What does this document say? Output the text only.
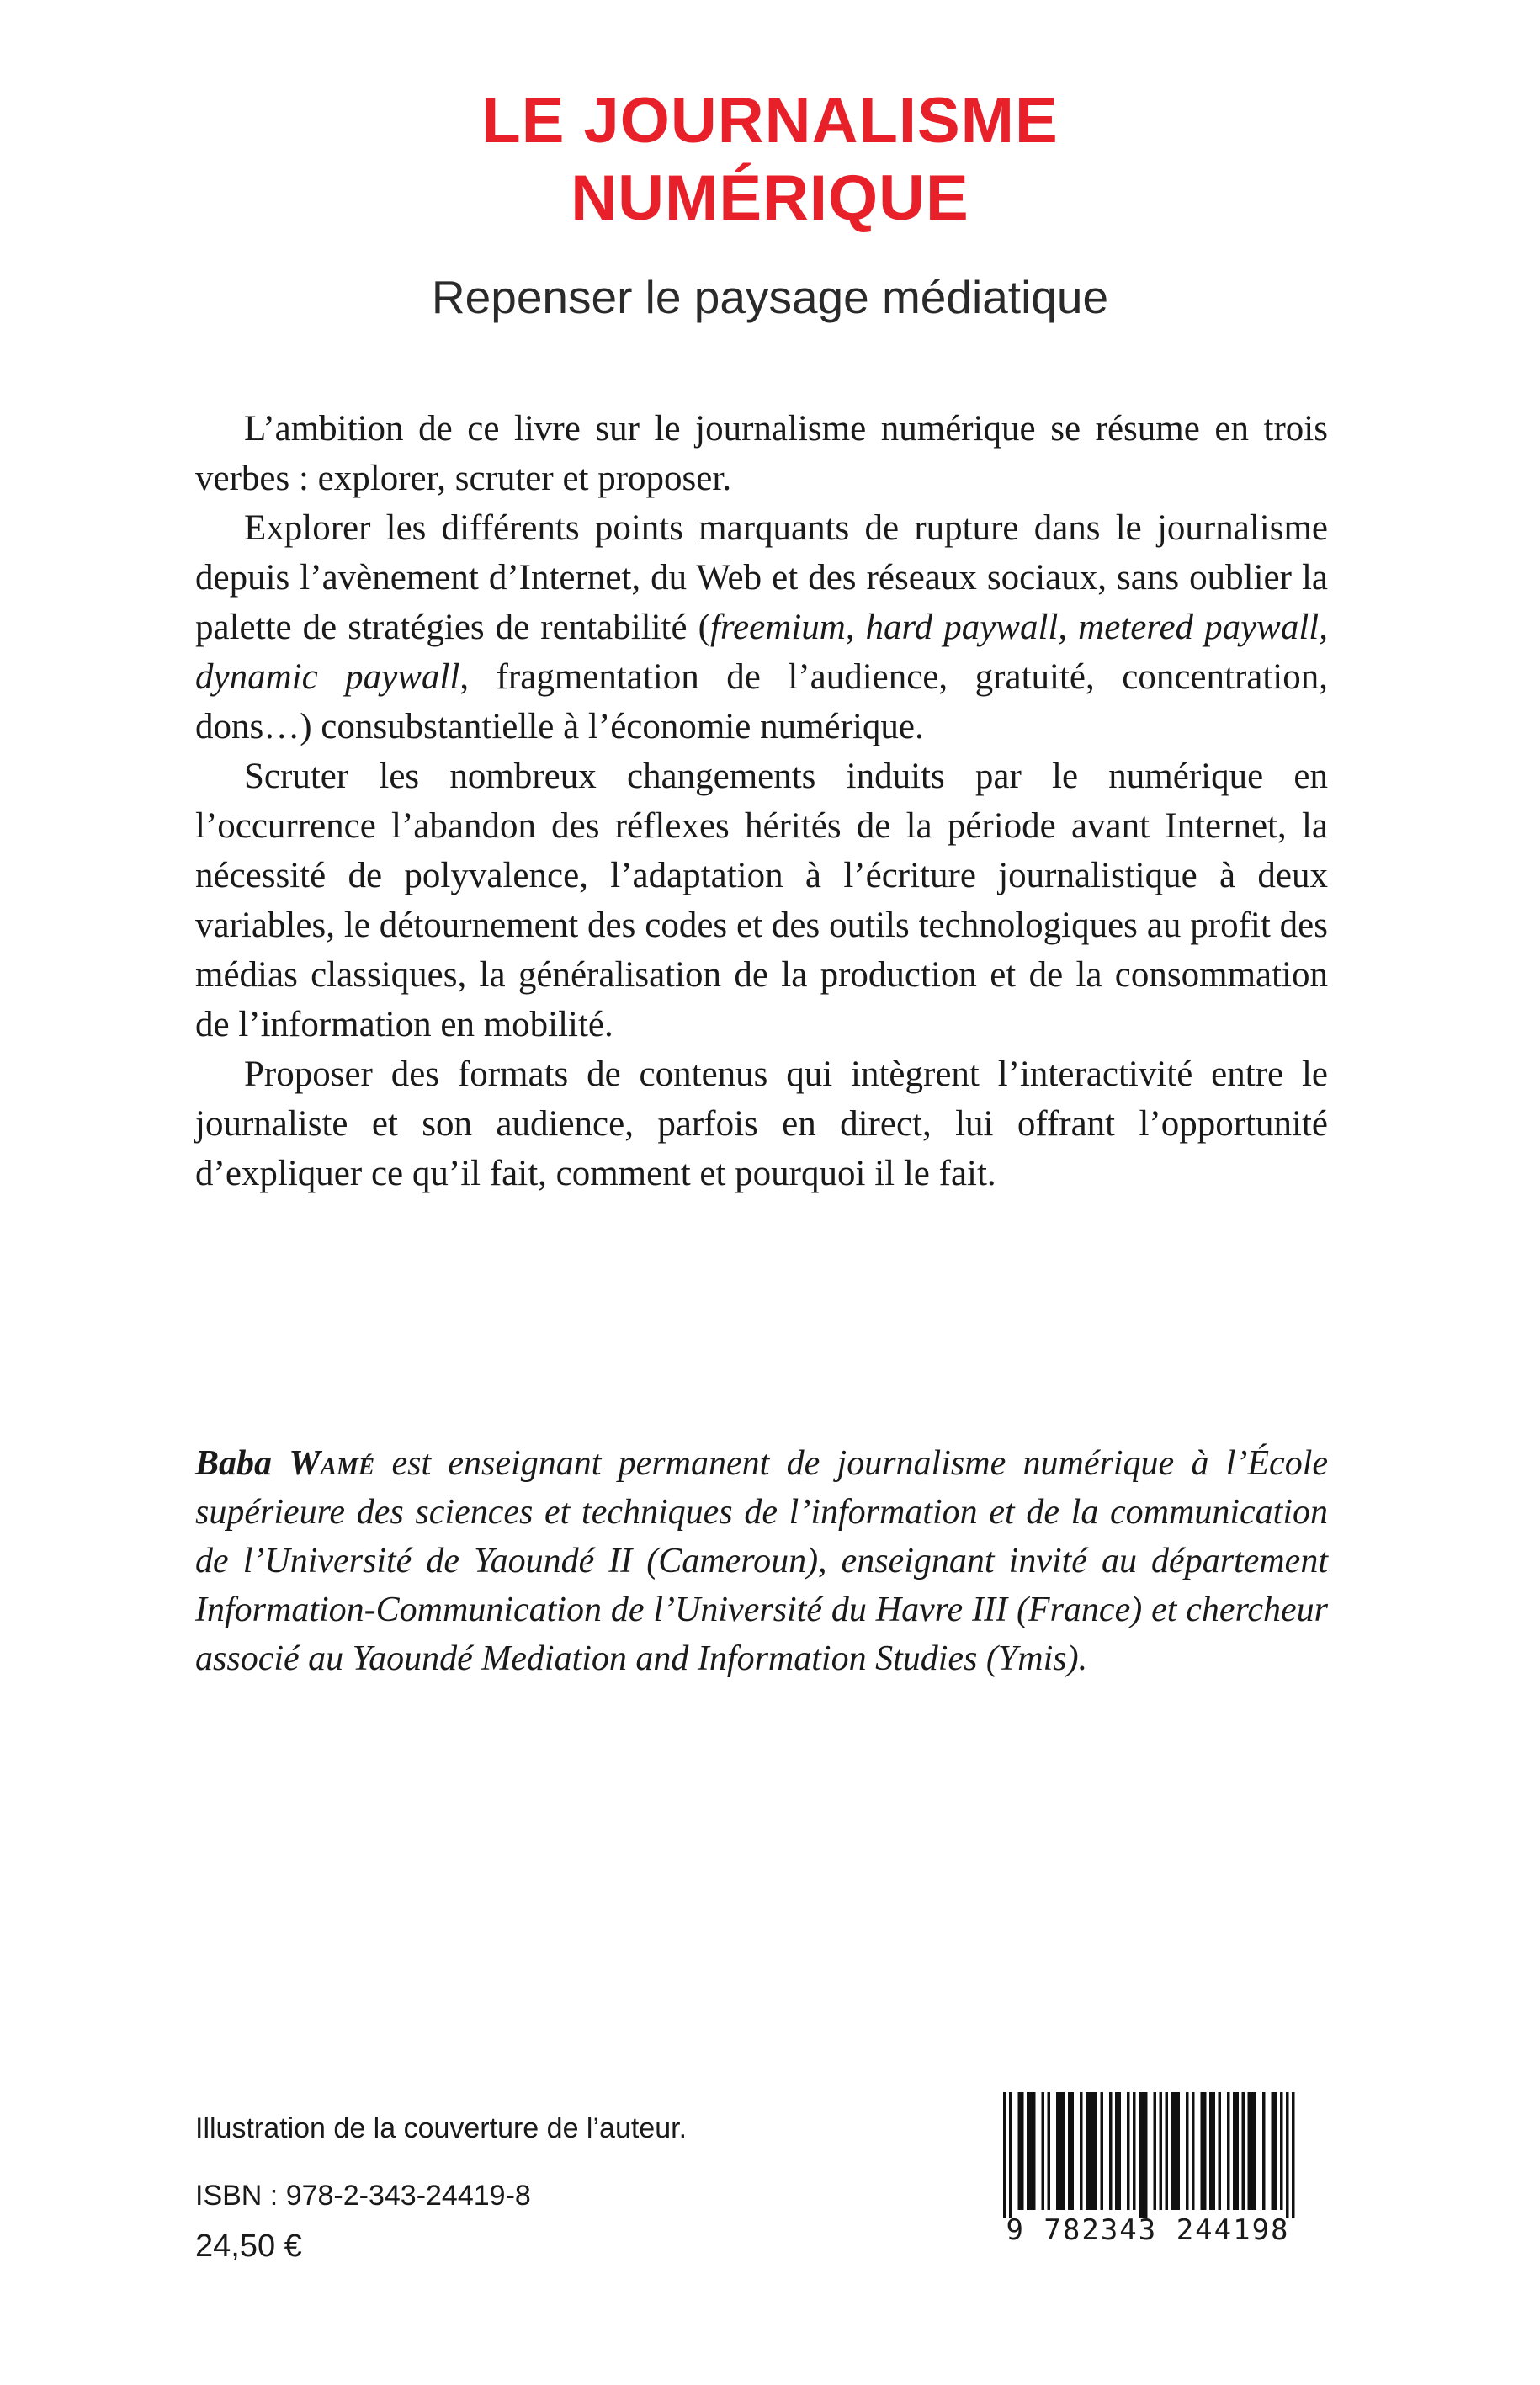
LE JOURNALISME
NUMÉRIQUE
Repenser le paysage médiatique

L’ambition de ce livre sur le journalisme numérique se résume en trois verbes : explorer, scruter et proposer.

Explorer les différents points marquants de rupture dans le journalisme depuis l’avènement d’Internet, du Web et des réseaux sociaux, sans oublier la palette de stratégies de rentabilité (freemium, hard paywall, metered paywall, dynamic paywall, fragmentation de l’audience, gratuité, concentration, dons…) consubstantielle à l’économie numérique.

Scruter les nombreux changements induits par le numérique en l’occurrence l’abandon des réflexes hérités de la période avant Internet, la nécessité de polyvalence, l’adaptation à l’écriture journalistique à deux variables, le détournement des codes et des outils technologiques au profit des médias classiques, la généralisation de la production et de la consommation de l’information en mobilité.

Proposer des formats de contenus qui intègrent l’interactivité entre le journaliste et son audience, parfois en direct, lui offrant l’opportunité d’expliquer ce qu’il fait, comment et pourquoi il le fait.

Baba Wamé est enseignant permanent de journalisme numérique à l’École supérieure des sciences et techniques de l’information et de la communication de l’Université de Yaoundé II (Cameroun), enseignant invité au département Information-Communication de l’Université du Havre III (France) et chercheur associé au Yaoundé Mediation and Information Studies (Ymis).
Illustration de la couverture de l’auteur.
ISBN : 978-2-343-24419-8
24,50 €	9 782343 244198
